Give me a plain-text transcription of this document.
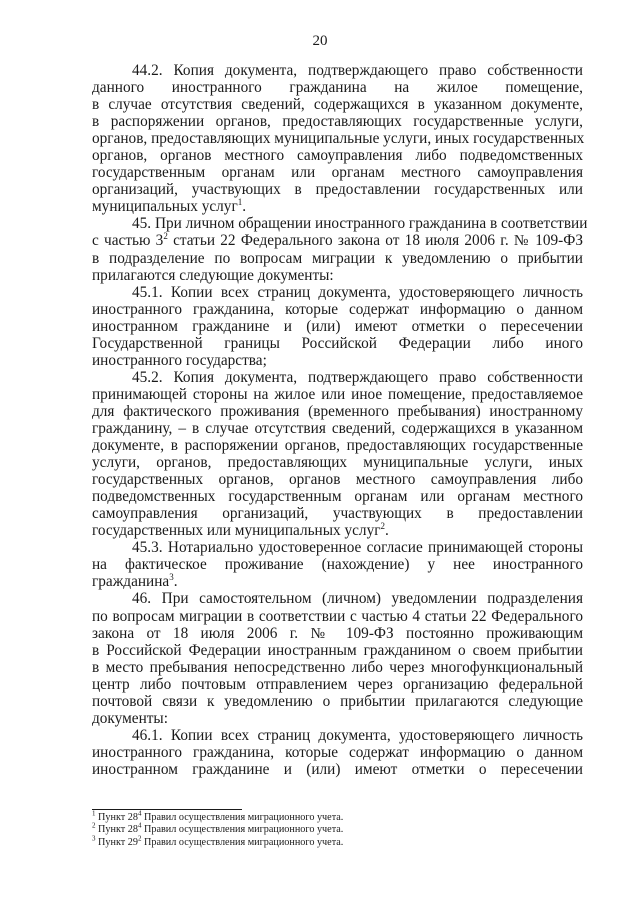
20
44.2. Копия документа, подтверждающего право собственности
данного иностранного гражданина на жилое помещение,
в случае отсутствия сведений, содержащихся в указанном документе,
в распоряжении органов, предоставляющих государственные услуги,
органов, предоставляющих муниципальные услуги, иных государственных
органов, органов местного самоуправления либо подведомственных
государственным органам или органам местного самоуправления
организаций, участвующих в предоставлении государственных или
муниципальных услуг$^1$.
45. При личном обращении иностранного гражданина в соответствии
с частью $3^2$ статьи 22 Федерального закона от 18 июля 2006 г. № 109-ФЗ
в подразделение по вопросам миграции к уведомлению о прибытии
прилагаются следующие документы:
45.1. Копии всех страниц документа, удостоверяющего личность
иностранного гражданина, которые содержат информацию о данном
иностранном гражданине и (или) имеют отметки о пересечении
Государственной границы Российской Федерации либо иного
иностранного государства;
45.2. Копия документа, подтверждающего право собственности
принимающей стороны на жилое или иное помещение, предоставляемое
для фактического проживания (временного пребывания) иностранному
гражданину, – в случае отсутствия сведений, содержащихся в указанном
документе, в распоряжении органов, предоставляющих государственные
услуги, органов, предоставляющих муниципальные услуги, иных
государственных органов, органов местного самоуправления либо
подведомственных государственным органам или органам местного
самоуправления организаций, участвующих в предоставлении
государственных или муниципальных услуг$^2$.
45.3. Нотариально удостоверенное согласие принимающей стороны
на фактическое проживание (нахождение) у нее иностранного
гражданина$^3$.
46. При самостоятельном (личном) уведомлении подразделения
по вопросам миграции в соответствии с частью 4 статьи 22 Федерального
закона от 18 июля 2006 г. № 109-ФЗ постоянно проживающим
в Российской Федерации иностранным гражданином о своем прибытии
в место пребывания непосредственно либо через многофункциональный
центр либо почтовым отправлением через организацию федеральной
почтовой связи к уведомлению о прибытии прилагаются следующие
документы:
46.1. Копии всех страниц документа, удостоверяющего личность
иностранного гражданина, которые содержат информацию о данном
иностранном гражданине и (или) имеют отметки о пересечении
$^1$ Пункт $28^4$ Правил осуществления миграционного учета.
$^2$ Пункт $28^4$ Правил осуществления миграционного учета.
$^3$ Пункт $29^2$ Правил осуществления миграционного учета.
